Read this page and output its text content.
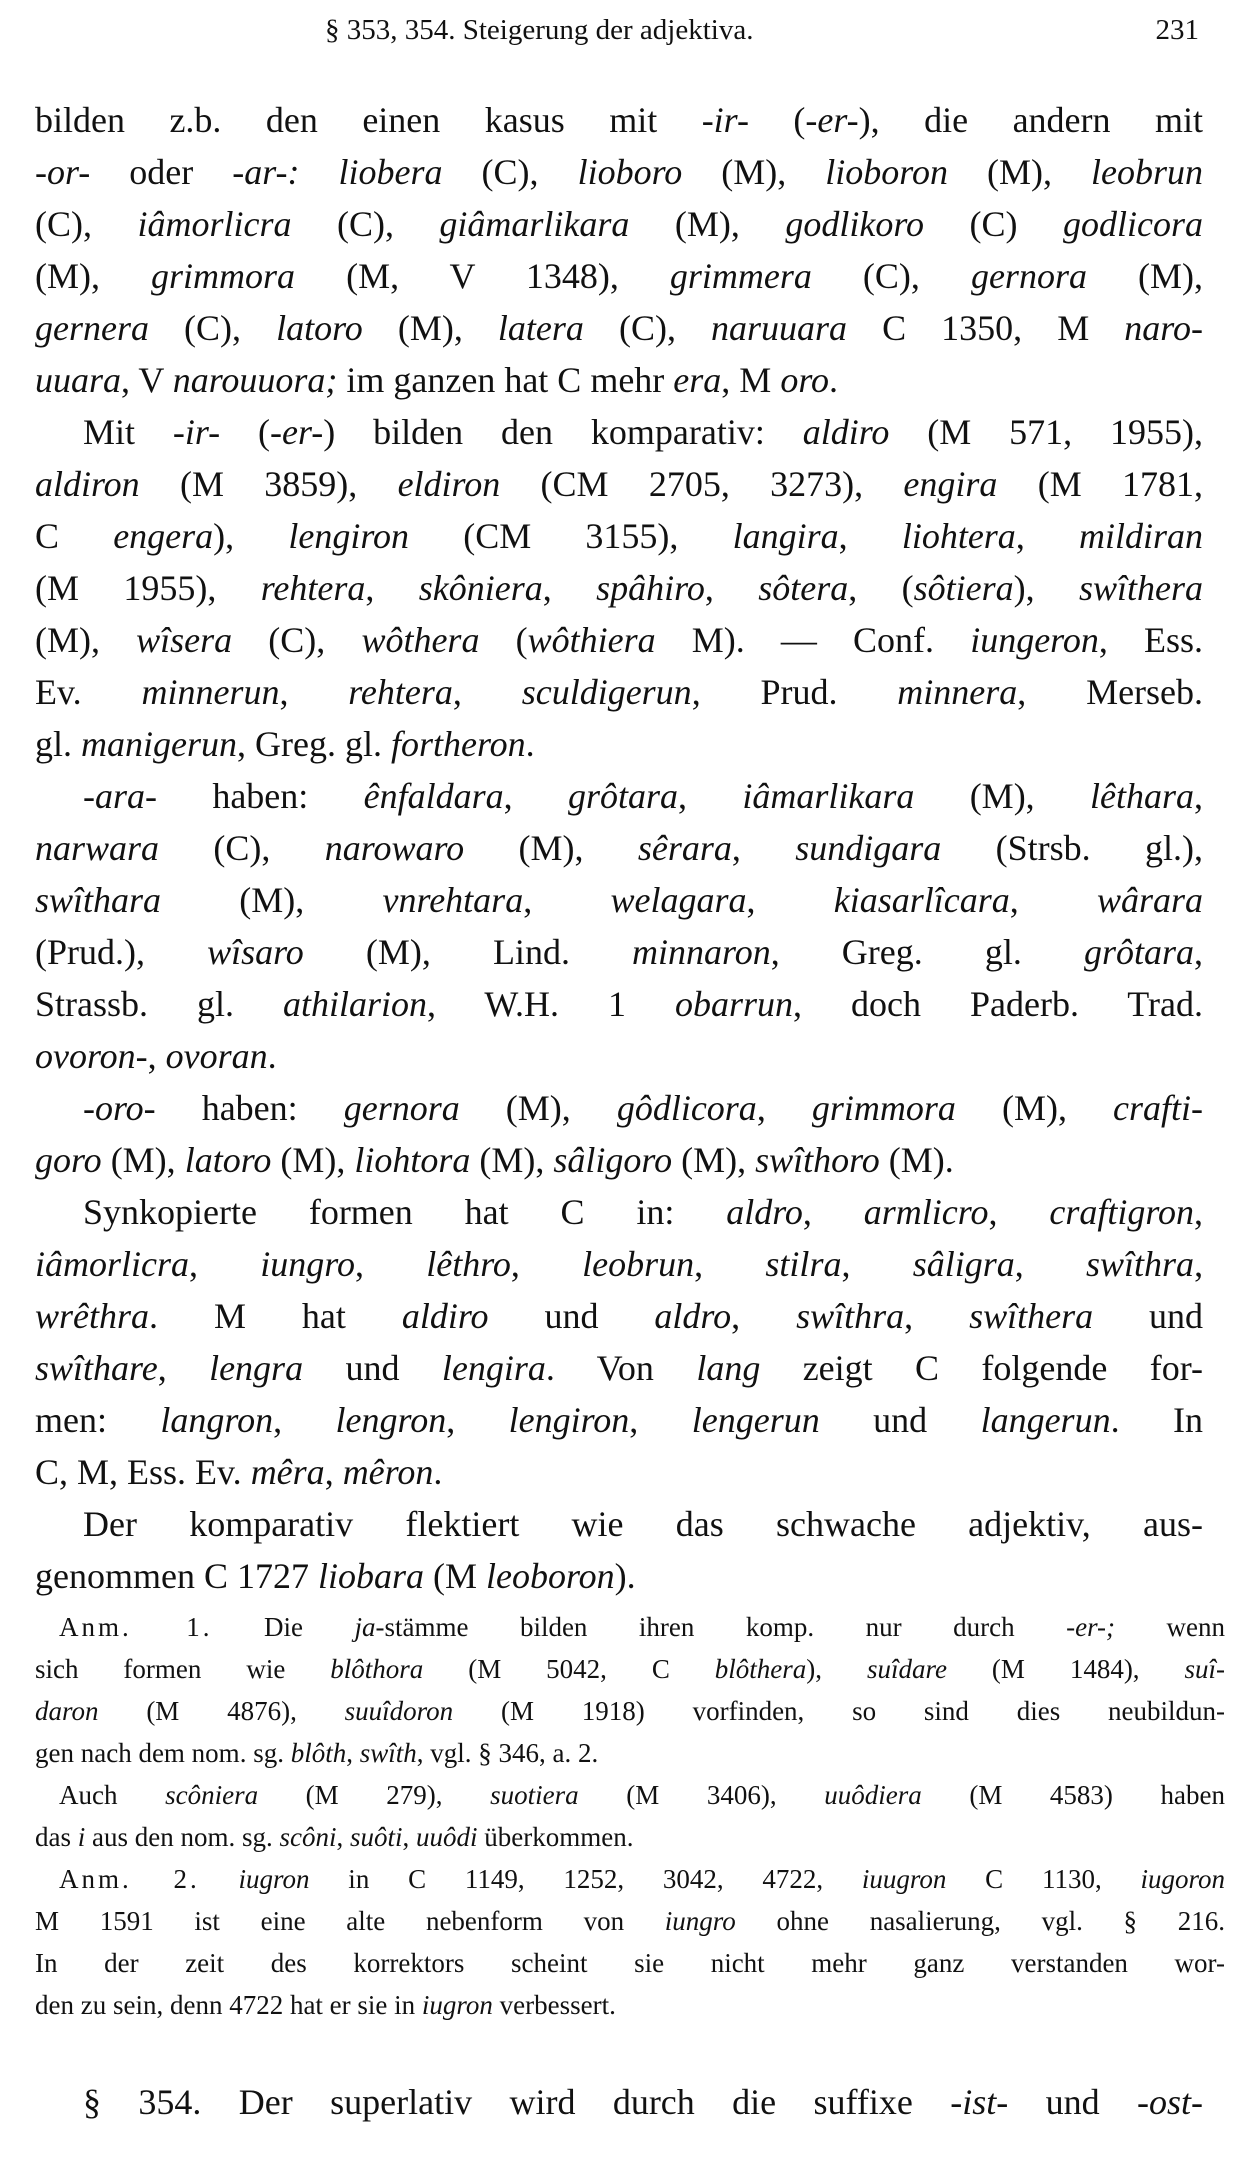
§ 353, 354. Steigerung der adjektiva.	231
bilden z.b. den einen kasus mit -ir- (-er-), die andern mit
-or- oder -ar-: liobera (C), lioboro (M), lioboron (M), leobrun
(C), iâmorlicra (C), giâmarlikara (M), godlikoro (C) godlicora
(M), grimmora (M, V 1348), grimmera (C), gernora (M),
gernera (C), latoro (M), latera (C), naruuara C 1350, M naro-
uuara, V narouuora; im ganzen hat C mehr era, M oro.
Mit -ir- (-er-) bilden den komparativ: aldiro (M 571, 1955),
aldiron (M 3859), eldiron (CM 2705, 3273), engira (M 1781,
C engera), lengiron (CM 3155), langira, liohtera, mildiran
(M 1955), rehtera, skôniera, spâhiro, sôtera, (sôtiera), swîthera
(M), wîsera (C), wôthera (wôthiera M). — Conf. iungeron, Ess.
Ev. minnerun, rehtera, sculdigerun, Prud. minnera, Merseb.
gl. manigerun, Greg. gl. fortheron.
-ara- haben: ênfaldara, grôtara, iâmarlikara (M), lêthara,
narwara (C), narowaro (M), sêrara, sundigara (Strsb. gl.),
swîthara (M), vnrehtara, welagara, kiasarlîcara, wârara
(Prud.), wîsaro (M), Lind. minnaron, Greg. gl. grôtara,
Strassb. gl. athilarion, W.H. 1 obarrun, doch Paderb. Trad.
ovoron-, ovoran.
-oro- haben: gernora (M), gôdlicora, grimmora (M), crafti-
goro (M), latoro (M), liohtora (M), sâligoro (M), swîthoro (M).
Synkopierte formen hat C in: aldro, armlicro, craftigron,
iâmorlicra, iungro, lêthro, leobrun, stilra, sâligra, swîthra,
wrêthra. M hat aldiro und aldro, swîthra, swîthera und
swîthare, lengra und lengira. Von lang zeigt C folgende for-
men: langron, lengron, lengiron, lengerun und langerun. In
C, M, Ess. Ev. mêra, mêron.
Der komparativ flektiert wie das schwache adjektiv, aus-
genommen C 1727 liobara (M leoboron).
Anm. 1. Die ja-stämme bilden ihren komp. nur durch -er-; wenn
sich formen wie blôthora (M 5042, C blôthera), suîdare (M 1484), suî-
daron (M 4876), suuîdoron (M 1918) vorfinden, so sind dies neubildun-
gen nach dem nom. sg. blôth, swîth, vgl. § 346, a. 2.
Auch scôniera (M 279), suotiera (M 3406), uuôdiera (M 4583) haben
das i aus den nom. sg. scôni, suôti, uuôdi überkommen.
Anm. 2. iugron in C 1149, 1252, 3042, 4722, iuugron C 1130, iugoron
M 1591 ist eine alte nebenform von iungro ohne nasalierung, vgl. § 216.
In der zeit des korrektors scheint sie nicht mehr ganz verstanden wor-
den zu sein, denn 4722 hat er sie in iugron verbessert.
§ 354. Der superlativ wird durch die suffixe -ist- und -ost-
